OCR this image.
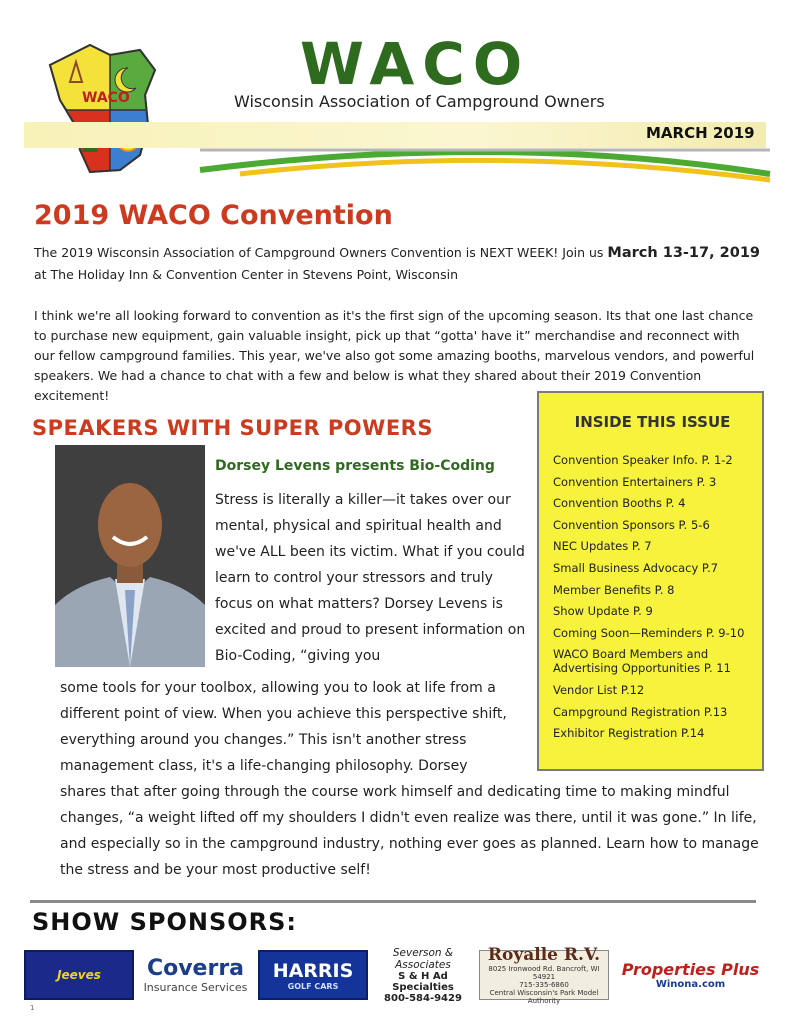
WACO	WACO
Wisconsin Association of Campground Owners
MARCH 2019
2019 WACO Convention
The 2019 Wisconsin Association of Campground Owners Convention is NEXT WEEK! Join us March 13-17, 2019 at The Holiday Inn & Convention Center in Stevens Point, Wisconsin
I think we're all looking forward to convention as it's the first sign of the upcoming season. Its that one last chance to purchase new equipment, gain valuable insight, pick up that “gotta' have it” merchandise and reconnect with our fellow campground families. This year, we've also got some amazing booths, marvelous vendors, and powerful speakers. We had a chance to chat with a few and below is what they shared about their 2019 Convention excitement!
SPEAKERS WITH SUPER POWERS
Dorsey Levens presents Bio-Coding
Stress is literally a killer—it takes over our mental, physical and spiritual health and we've ALL been its victim. What if you could learn to control your stressors and truly focus on what matters? Dorsey Levens is excited and proud to present information on Bio-Coding, “giving you
some tools for your toolbox, allowing you to look at life from a different point of view. When you achieve this perspective shift, everything around you changes.” This isn't another stress management class, it's a life-changing philosophy. Dorsey
shares that after going through the course work himself and dedicating time to making mindful changes, “a weight lifted off my shoulders I didn't even realize was there, until it was gone.” In life, and especially so in the campground industry, nothing ever goes as planned. Learn how to manage the stress and be your most productive self!
INSIDE THIS ISSUE
Convention Speaker Info. P. 1-2
Convention Entertainers P. 3
Convention Booths P. 4
Convention Sponsors P. 5-6
NEC Updates P. 7
Small Business Advocacy P.7
Member Benefits P. 8
Show Update P. 9
Coming Soon—Reminders P. 9-10
WACO Board Members and Advertising Opportunities P. 11
Vendor List P.12
Campground Registration P.13
Exhibitor Registration P.14
SHOW SPONSORS:
Jeeves Coverra
Insurance Services
HARRIS
GOLF CARS
Severson & Associates
S & H Ad Specialties
800-584-9429
Royalle R.V.
8025 Ironwood Rd. Bancroft, WI 54921
715-335-6860
Central Wisconsin's Park Model Authority
Properties Plus
Winona.com
1
